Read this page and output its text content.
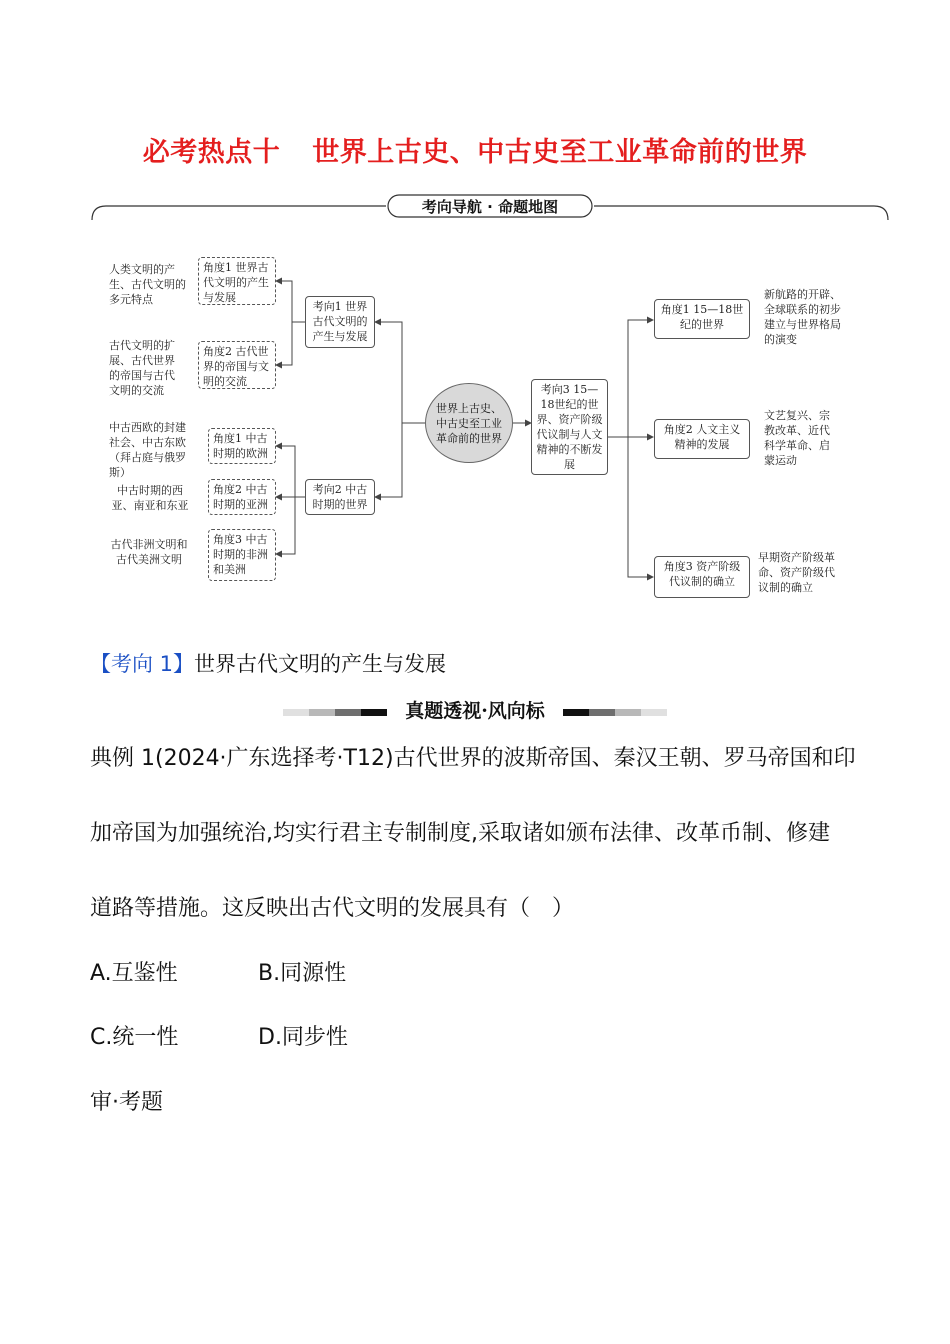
必考热点十 世界上古史、中古史至工业革命前的世界
考向导航 · 命题地图
人类文明的产生、古代文明的多元特点
古代文明的扩展、古代世界的帝国与古代文明的交流
中古西欧的封建社会、中古东欧（拜占庭与俄罗斯）
中古时期的西亚、南亚和东亚
古代非洲文明和古代美洲文明
角度1 世界古代文明的产生与发展
角度2 古代世界的帝国与文明的交流
角度1 中古时期的欧洲
角度2 中古时期的亚洲
角度3 中古时期的非洲和美洲
考向1 世界古代文明的产生与发展
考向2 中古时期的世界
世界上古史、中古史至工业革命前的世界
考向3 15—18世纪的世界、资产阶级代议制与人文精神的不断发展
角度1 15—18世纪的世界
角度2 人文主义精神的发展
角度3 资产阶级代议制的确立
新航路的开辟、全球联系的初步建立与世界格局的演变
文艺复兴、宗教改革、近代科学革命、启蒙运动
早期资产阶级革命、资产阶级代议制的确立
【考向 1】世界古代文明的产生与发展
真题透视·风向标
典例 1(2024·广东选择考·T12)古代世界的波斯帝国、秦汉王朝、罗马帝国和印
加帝国为加强统治,均实行君主专制制度,采取诸如颁布法律、改革币制、修建
道路等措施。这反映出古代文明的发展具有（　）
A.互鉴性	B.同源性
C.统一性	D.同步性
审·考题
